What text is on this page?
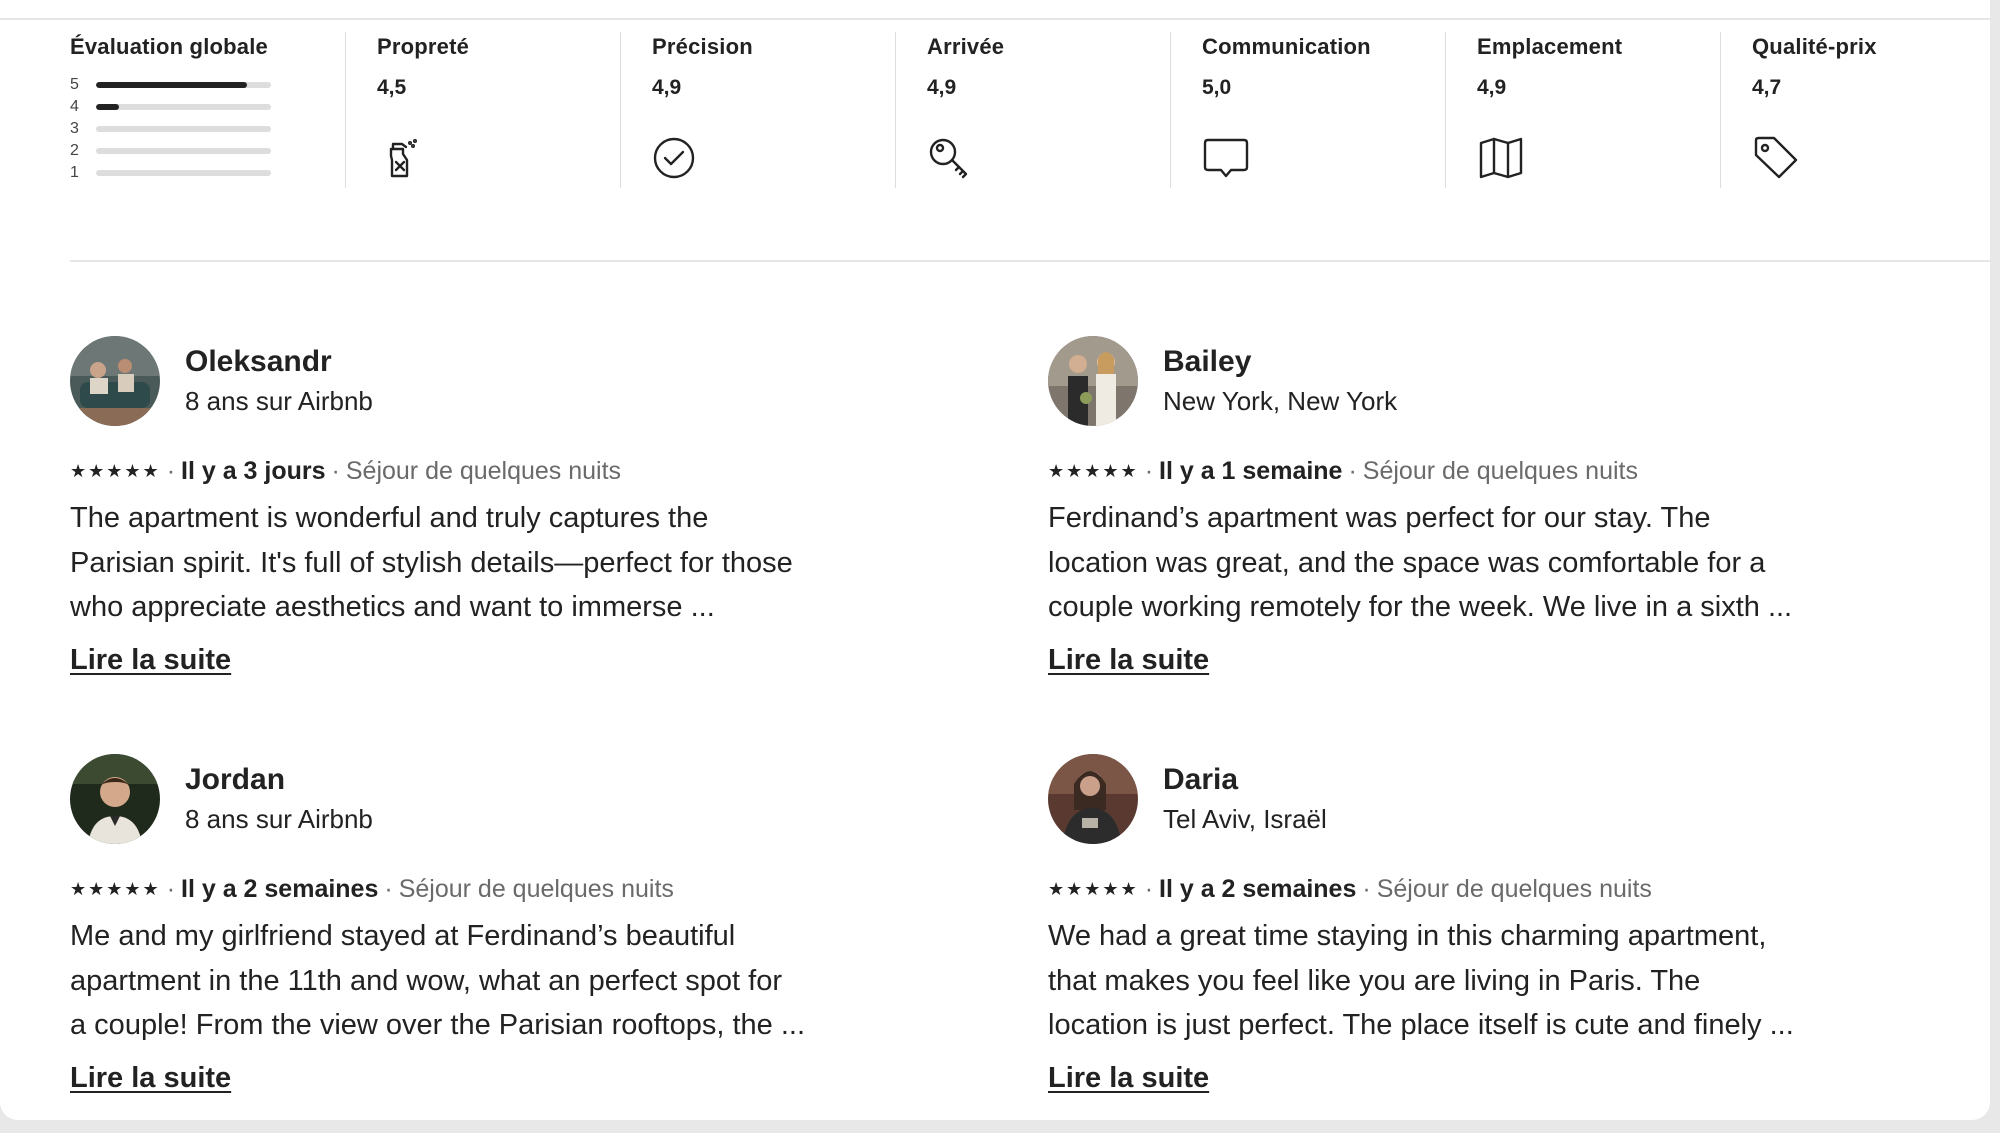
Évaluation globale
5
4
3
2
1
Propreté
4,5
Précision
4,9
Arrivée
4,9
Communication
5,0
Emplacement
4,9
Qualité-prix
4,7
Oleksandr
8 ans sur Airbnb
★★★★★ · Il y a 3 jours · Séjour de quelques nuits
The apartment is wonderful and truly captures the
Parisian spirit. It's full of stylish details—perfect for those
who appreciate aesthetics and want to immerse ...
Lire la suite
Bailey
New York, New York
★★★★★ · Il y a 1 semaine · Séjour de quelques nuits
Ferdinand’s apartment was perfect for our stay. The
location was great, and the space was comfortable for a
couple working remotely for the week. We live in a sixth ...
Lire la suite
Jordan
8 ans sur Airbnb
★★★★★ · Il y a 2 semaines · Séjour de quelques nuits
Me and my girlfriend stayed at Ferdinand’s beautiful
apartment in the 11th and wow, what an perfect spot for
a couple! From the view over the Parisian rooftops, the ...
Lire la suite
Daria
Tel Aviv, Israël
★★★★★ · Il y a 2 semaines · Séjour de quelques nuits
We had a great time staying in this charming apartment,
that makes you feel like you are living in Paris. The
location is just perfect. The place itself is cute and finely ...
Lire la suite
